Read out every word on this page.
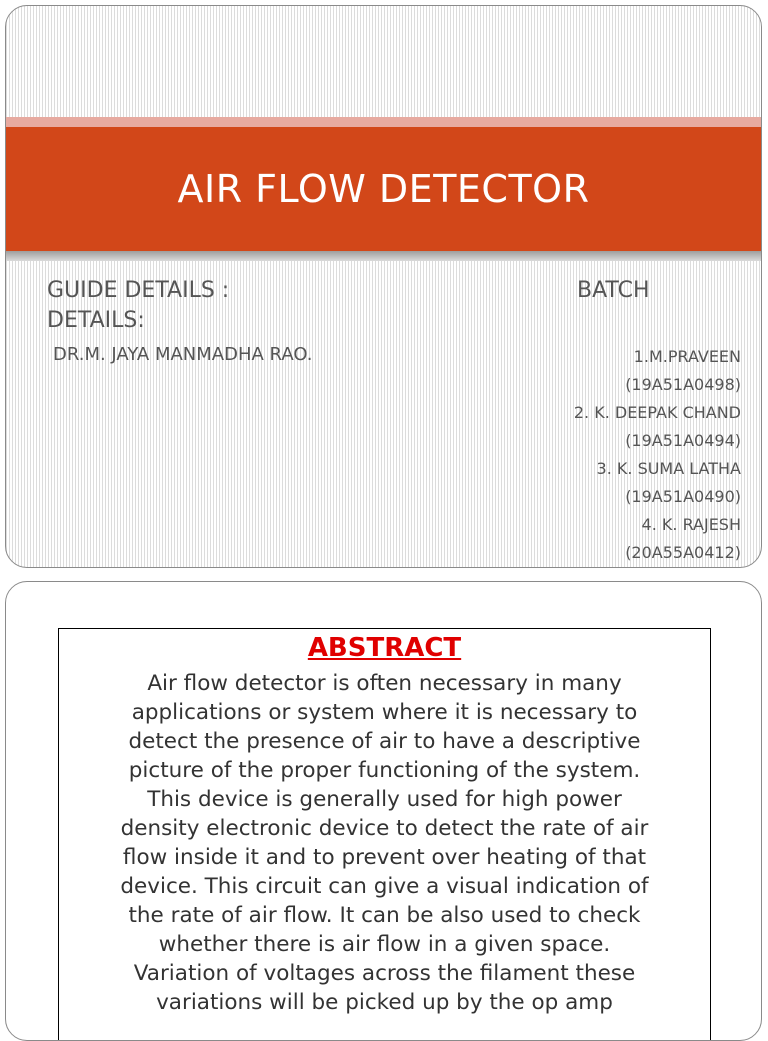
AIR FLOW DETECTOR
GUIDE DETAILS :	BATCH
DETAILS:
DR.M. JAYA MANMADHA RAO.	1.M.PRAVEEN
(19A51A0498)
2. K. DEEPAK CHAND
(19A51A0494)
3. K. SUMA LATHA
(19A51A0490)
4. K. RAJESH
(20A55A0412)
ABSTRACT
Air flow detector is often necessary in many
applications or system where it is necessary to
detect the presence of air to have a descriptive
picture of the proper functioning of the system.
This device is generally used for high power
density electronic device to detect the rate of air
flow inside it and to prevent over heating of that
device. This circuit can give a visual indication of
the rate of air flow. It can be also used to check
whether there is air flow in a given space.
Variation of voltages across the filament these
variations will be picked up by the op amp
